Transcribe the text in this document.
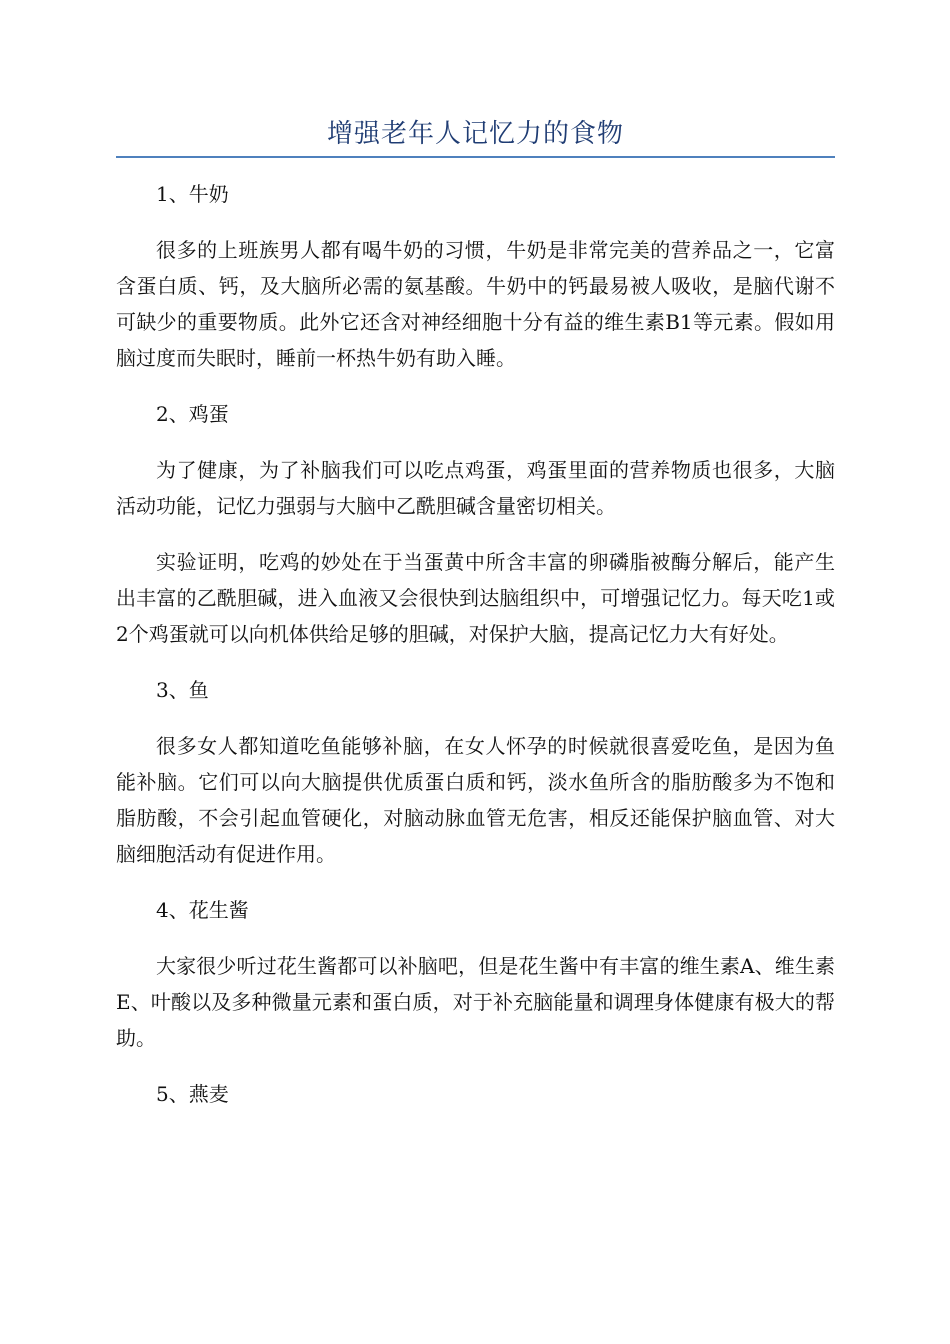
增强老年人记忆力的食物

1、牛奶

很多的上班族男人都有喝牛奶的习惯，牛奶是非常完美的营养品之一，它富含蛋白质、钙，及大脑所必需的氨基酸。牛奶中的钙最易被人吸收，是脑代谢不可缺少的重要物质。此外它还含对神经细胞十分有益的维生素B1等元素。假如用脑过度而失眠时，睡前一杯热牛奶有助入睡。

2、鸡蛋

为了健康，为了补脑我们可以吃点鸡蛋，鸡蛋里面的营养物质也很多，大脑活动功能，记忆力强弱与大脑中乙酰胆碱含量密切相关。

实验证明，吃鸡的妙处在于当蛋黄中所含丰富的卵磷脂被酶分解后，能产生出丰富的乙酰胆碱，进入血液又会很快到达脑组织中，可增强记忆力。每天吃1或2个鸡蛋就可以向机体供给足够的胆碱，对保护大脑，提高记忆力大有好处。

3、鱼

很多女人都知道吃鱼能够补脑，在女人怀孕的时候就很喜爱吃鱼，是因为鱼能补脑。它们可以向大脑提供优质蛋白质和钙，淡水鱼所含的脂肪酸多为不饱和脂肪酸，不会引起血管硬化，对脑动脉血管无危害，相反还能保护脑血管、对大脑细胞活动有促进作用。

4、花生酱

大家很少听过花生酱都可以补脑吧，但是花生酱中有丰富的维生素A、维生素E、叶酸以及多种微量元素和蛋白质，对于补充脑能量和调理身体健康有极大的帮助。

5、燕麦
